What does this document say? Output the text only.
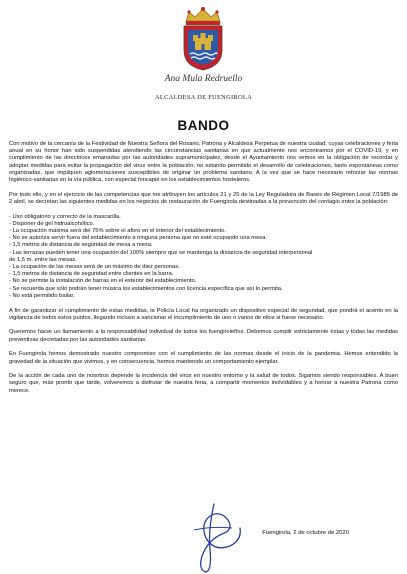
Ana Mula Redruello
ALCALDESA DE FUENGIROLA
BANDO

Con motivo de la cercanía de la Festividad de Nuestra Señora del Rosario, Patrona y Alcaldesa Perpetua de nuestra ciudad, cuyas celebraciones y feria anual en su honor han sido suspendidas atendiendo las circunstancias sanitarias en que actualmente nos encontramos por el COVID-19, y en cumplimiento de las directrices emanadas por las autoridades supramunicipales, desde el Ayuntamiento nos vemos en la obligación de recordar y adoptar medidas para evitar la propagación del virus entre la población, no estando permitido el desarrollo de celebraciones, tanto espontáneas como organizadas, que impliquen aglomeraciones susceptibles de originar un problema sanitario. A la vez que se hace necesario reforzar las normas higiénico-sanitarias en la vía pública, con especial hincapié en los establecimientos hosteleros.

Por todo ello, y en el ejercicio de las competencias que me atribuyen los artículos 21 y 25 de la Ley Reguladora de Bases de Régimen Local 7/1985 de 2 abril, se decretan las siguientes medidas en los negocios de restauración de Fuengirola destinadas a la prevención del contagio entre la población:

- Uso obligatorio y correcto de la mascarilla.
- Disponer de gel hidroalcohólico.
- La ocupación máxima será del 75% sobre el aforo en el interior del establecimiento.
- No se autoriza servir fuera del establecimiento a ninguna persona que no esté ocupando una mesa.
- 1,5 metros de distancia de seguridad de mesa a mesa.
- Las terrazas pueden tener una ocupación del 100% siempre que se mantenga la distancia de seguridad interpersonal
de 1,5 m. entre las mesas.
- La ocupación de las mesas será de un máximo de diez personas.
- 1,5 metros de distancia de seguridad entre clientes en la barra.
- No se permite la instalación de barras en el exterior del establecimiento.
- Se recuerda que sólo podrán tener música los establecimientos con licencia específica que así lo permita.
- No está permitido bailar.

A fin de garantizar el cumplimiento de estas medidas, la Policía Local ha organizado un dispositivo especial de seguridad, que pondrá el acento en la vigilancia de todos estos puntos, llegando incluso a sancionar el incumplimiento de uno o varios de ellos si fuese necesario.

Queremos hacer un llamamiento a la responsabilidad individual de todos los fuengiroleños. Debemos cumplir estrictamente éstas y todas las medidas preventivas decretadas por las autoridades sanitarias.

En Fuengirola hemos demostrado nuestro compromiso con el cumplimiento de las normas desde el inicio de la pandemia. Hemos entendido la gravedad de la situación que vivimos, y en consecuencia, hemos mantenido un comportamiento ejemplar.

De la acción de cada uno de nosotros depende la incidencia del virus en nuestro entorno y la salud de todos. Sigamos siendo responsables. A buen seguro que, más pronto que tarde, volveremos a disfrutar de nuestra feria, a compartir momentos inolvidables y a honrar a nuestra Patrona como merece.

Fuengirola, 2 de octubre de 2020
